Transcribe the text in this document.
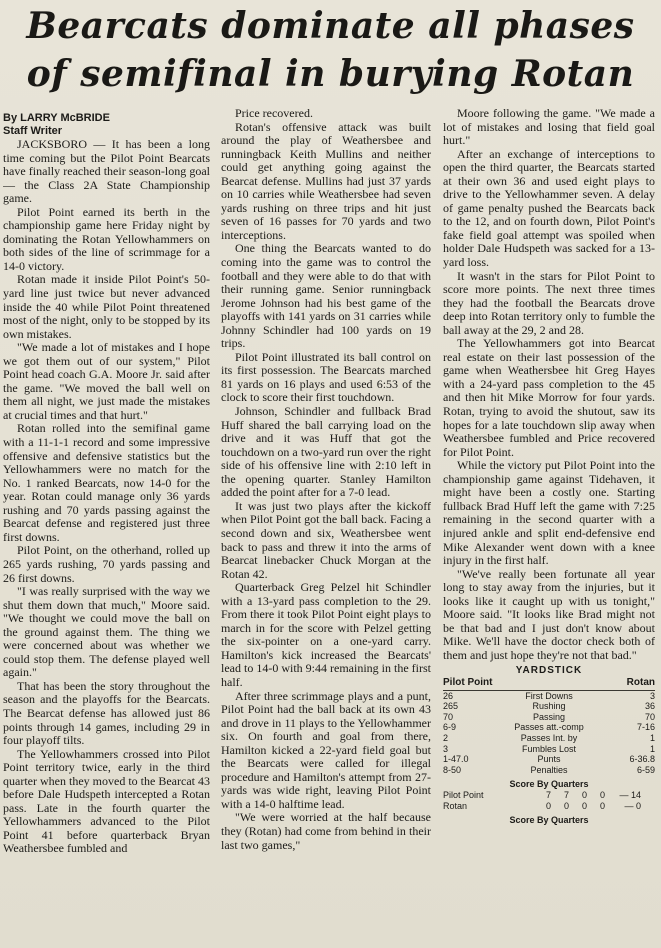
Bearcats dominate all phases
of semifinal in burying Rotan
By LARRY McBRIDE
Staff Writer

JACKSBORO — It has been a long time coming but the Pilot Point Bearcats have finally reached their season-long goal — the Class 2A State Championship game.

Pilot Point earned its berth in the championship game here Friday night by dominating the Rotan Yellowhammers on both sides of the line of scrimmage for a 14-0 victory.

Rotan made it inside Pilot Point's 50-yard line just twice but never advanced inside the 40 while Pilot Point threatened most of the night, only to be stopped by its own mistakes.

"We made a lot of mistakes and I hope we got them out of our system," Pilot Point head coach G.A. Moore Jr. said after the game. "We moved the ball well on them all night, we just made the mistakes at crucial times and that hurt."

Rotan rolled into the semifinal game with a 11-1-1 record and some impressive offensive and defensive statistics but the Yellowhammers were no match for the No. 1 ranked Bearcats, now 14-0 for the year. Rotan could manage only 36 yards rushing and 70 yards passing against the Bearcat defense and registered just three first downs.

Pilot Point, on the otherhand, rolled up 265 yards rushing, 70 yards passing and 26 first downs.

"I was really surprised with the way we shut them down that much," Moore said. "We thought we could move the ball on the ground against them. The thing we were concerned about was whether we could stop them. The defense played well again."

That has been the story throughout the season and the playoffs for the Bearcats. The Bearcat defense has allowed just 86 points through 14 games, including 29 in four playoff tilts.

The Yellowhammers crossed into Pilot Point territory twice, early in the third quarter when they moved to the Bearcat 43 before Dale Hudspeth intercepted a Rotan pass. Late in the fourth quarter the Yellowhammers advanced to the Pilot Point 41 before quarterback Bryan Weathersbee fumbled and

Price recovered.

Rotan's offensive attack was built around the play of Weathersbee and runningback Keith Mullins and neither could get anything going against the Bearcat defense. Mullins had just 37 yards on 10 carries while Weathersbee had seven yards rushing on three trips and hit just seven of 16 passes for 70 yards and two interceptions.

One thing the Bearcats wanted to do coming into the game was to control the football and they were able to do that with their running game. Senior runningback Jerome Johnson had his best game of the playoffs with 141 yards on 31 carries while Johnny Schindler had 100 yards on 19 trips.

Pilot Point illustrated its ball control on its first possession. The Bearcats marched 81 yards on 16 plays and used 6:53 of the clock to score their first touchdown.

Johnson, Schindler and fullback Brad Huff shared the ball carrying load on the drive and it was Huff that got the touchdown on a two-yard run over the right side of his offensive line with 2:10 left in the opening quarter. Stanley Hamilton added the point after for a 7-0 lead.

It was just two plays after the kickoff when Pilot Point got the ball back. Facing a second down and six, Weathersbee went back to pass and threw it into the arms of Bearcat linebacker Chuck Morgan at the Rotan 42.

Quarterback Greg Pelzel hit Schindler with a 13-yard pass completion to the 29. From there it took Pilot Point eight plays to march in for the score with Pelzel getting the six-pointer on a one-yard carry. Hamilton's kick increased the Bearcats' lead to 14-0 with 9:44 remaining in the first half.

After three scrimmage plays and a punt, Pilot Point had the ball back at its own 43 and drove in 11 plays to the Yellowhammer six. On fourth and goal from there, Hamilton kicked a 22-yard field goal but the Bearcats were called for illegal procedure and Hamilton's attempt from 27-yards was wide right, leaving Pilot Point with a 14-0 halftime lead.

"We were worried at the half because they (Rotan) had come from behind in their last two games,"

Moore following the game. "We made a lot of mistakes and losing that field goal hurt."

After an exchange of interceptions to open the third quarter, the Bearcats started at their own 36 and used eight plays to drive to the Yellowhammer seven. A delay of game penalty pushed the Bearcats back to the 12, and on fourth down, Pilot Point's fake field goal attempt was spoiled when holder Dale Hudspeth was sacked for a 13-yard loss.

It wasn't in the stars for Pilot Point to score more points. The next three times they had the football the Bearcats drove deep into Rotan territory only to fumble the ball away at the 29, 2 and 28.

The Yellowhammers got into Bearcat real estate on their last possession of the game when Weathersbee hit Greg Hayes with a 24-yard pass completion to the 45 and then hit Mike Morrow for four yards. Rotan, trying to avoid the shutout, saw its hopes for a late touchdown slip away when Weathersbee fumbled and Price recovered for Pilot Point.

While the victory put Pilot Point into the championship game against Tidehaven, it might have been a costly one. Starting fullback Brad Huff left the game with 7:25 remaining in the second quarter with a injured ankle and split end-defensive end Mike Alexander went down with a knee injury in the first half.

"We've really been fortunate all year long to stay away from the injuries, but it looks like it caught up with us tonight," Moore said. "It looks like Brad might not be that bad and I just don't know about Mike. We'll have the doctor check both of them and just hope they're not that bad."

YARDSTICK
Pilot Point	Rotan
26	First Downs	3
265	Rushing	36
70	Passing	70
6-9	Passes att.-comp	7-16
2	Passes Int. by	1
3	Fumbles Lost	1
1-47.0	Punts	6-36.8
8-50	Penalties	6-59
Score By Quarters
Pilot Point	7	7	0	0	— 14
Rotan	0	0	0	0	— 0
Score By Quarters
